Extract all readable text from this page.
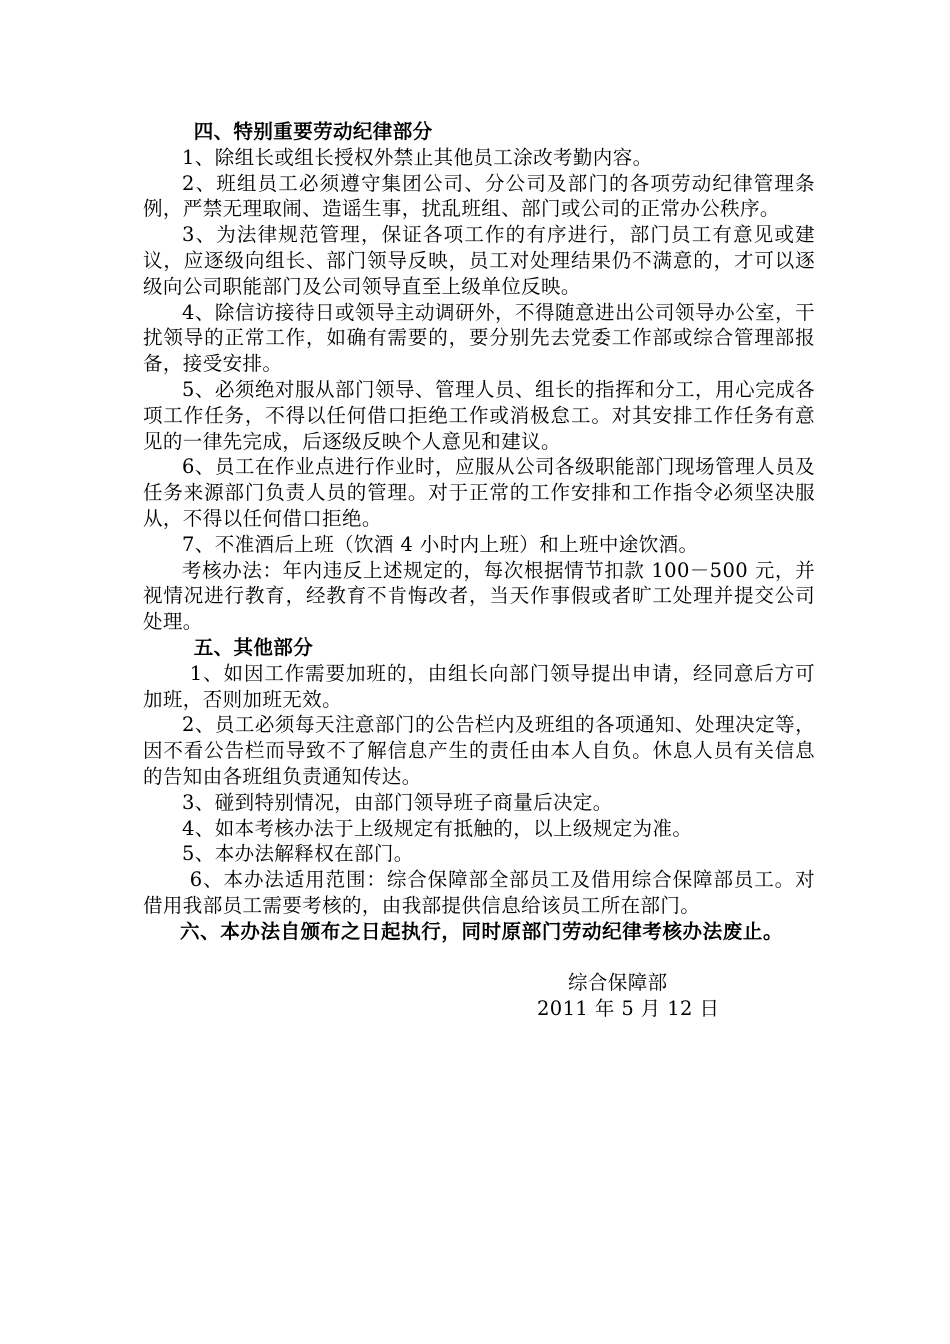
四、特别重要劳动纪律部分

1、除组长或组长授权外禁止其他员工涂改考勤内容。

2、班组员工必须遵守集团公司、分公司及部门的各项劳动纪律管理条例，严禁无理取闹、造谣生事，扰乱班组、部门或公司的正常办公秩序。

3、为法律规范管理，保证各项工作的有序进行，部门员工有意见或建议，应逐级向组长、部门领导反映，员工对处理结果仍不满意的，才可以逐级向公司职能部门及公司领导直至上级单位反映。

4、除信访接待日或领导主动调研外，不得随意进出公司领导办公室，干扰领导的正常工作，如确有需要的，要分别先去党委工作部或综合管理部报备，接受安排。

5、必须绝对服从部门领导、管理人员、组长的指挥和分工，用心完成各项工作任务，不得以任何借口拒绝工作或消极怠工。对其安排工作任务有意见的一律先完成，后逐级反映个人意见和建议。

6、员工在作业点进行作业时，应服从公司各级职能部门现场管理人员及任务来源部门负责人员的管理。对于正常的工作安排和工作指令必须坚决服从，不得以任何借口拒绝。

7、不准酒后上班（饮酒 4 小时内上班）和上班中途饮酒。

考核办法：年内违反上述规定的，每次根据情节扣款 100－500 元，并视情况进行教育，经教育不肯悔改者，当天作事假或者旷工处理并提交公司处理。

五、其他部分

1、如因工作需要加班的，由组长向部门领导提出申请，经同意后方可加班，否则加班无效。

2、员工必须每天注意部门的公告栏内及班组的各项通知、处理决定等，因不看公告栏而导致不了解信息产生的责任由本人自负。休息人员有关信息的告知由各班组负责通知传达。

3、碰到特别情况，由部门领导班子商量后决定。

4、如本考核办法于上级规定有抵触的，以上级规定为准。

5、本办法解释权在部门。

6、本办法适用范围：综合保障部全部员工及借用综合保障部员工。对借用我部员工需要考核的，由我部提供信息给该员工所在部门。

六、本办法自颁布之日起执行，同时原部门劳动纪律考核办法废止。

综合保障部
2011 年 5 月 12 日
